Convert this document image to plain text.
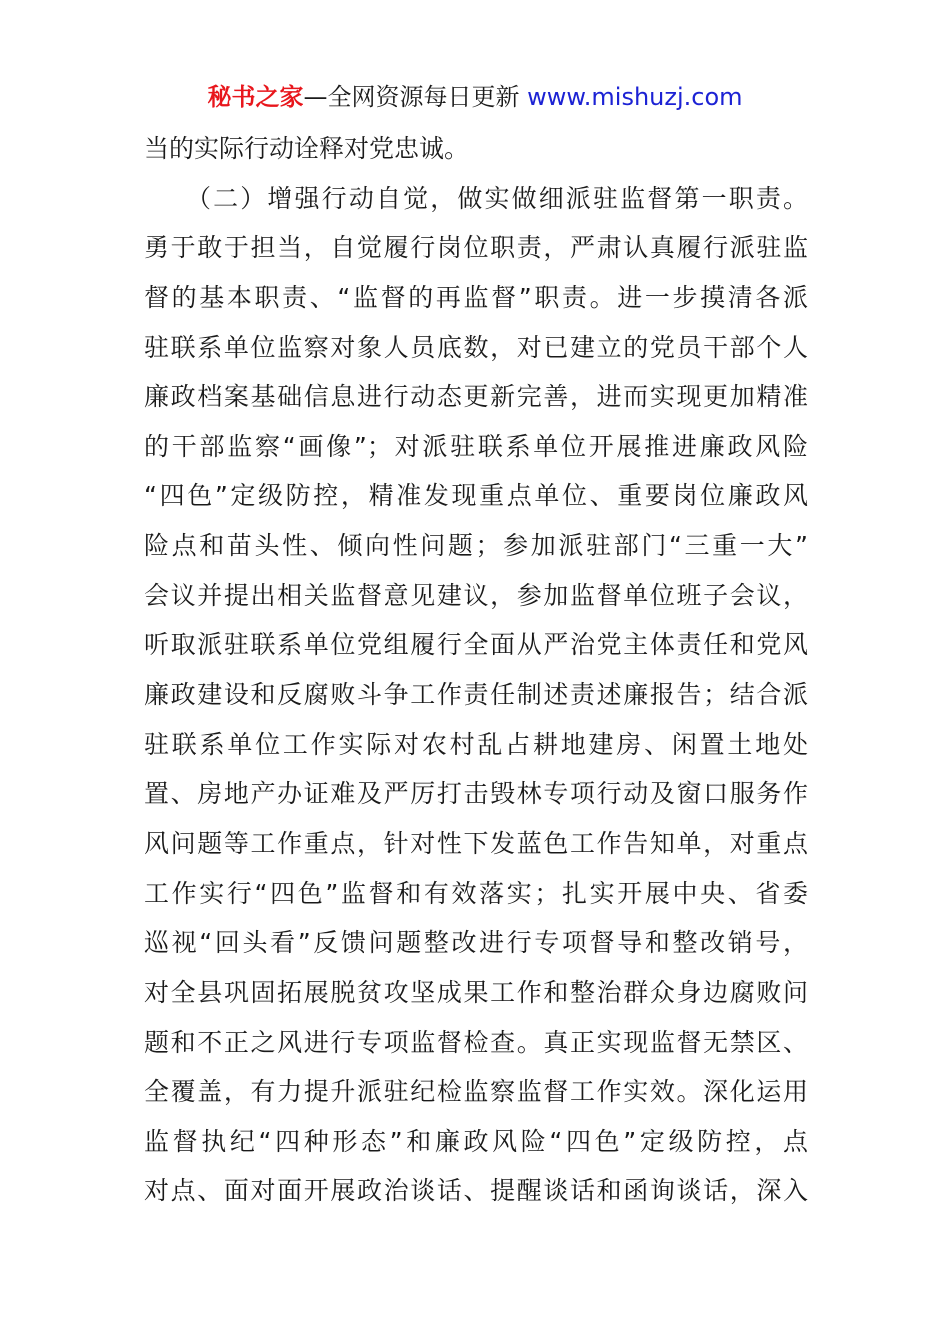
秘书之家—全网资源每日更新 www.mishuzj.com
当的实际行动诠释对党忠诚。
（二）增强行动自觉，做实做细派驻监督第一职责。
勇于敢于担当，自觉履行岗位职责，严肃认真履行派驻监
督的基本职责、“监督的再监督”职责。进一步摸清各派
驻联系单位监察对象人员底数，对已建立的党员干部个人
廉政档案基础信息进行动态更新完善，进而实现更加精准
的干部监察“画像”；对派驻联系单位开展推进廉政风险
“四色”定级防控，精准发现重点单位、重要岗位廉政风
险点和苗头性、倾向性问题；参加派驻部门“三重一大”
会议并提出相关监督意见建议，参加监督单位班子会议，
听取派驻联系单位党组履行全面从严治党主体责任和党风
廉政建设和反腐败斗争工作责任制述责述廉报告；结合派
驻联系单位工作实际对农村乱占耕地建房、闲置土地处
置、房地产办证难及严厉打击毁林专项行动及窗口服务作
风问题等工作重点，针对性下发蓝色工作告知单，对重点
工作实行“四色”监督和有效落实；扎实开展中央、省委
巡视“回头看”反馈问题整改进行专项督导和整改销号，
对全县巩固拓展脱贫攻坚成果工作和整治群众身边腐败问
题和不正之风进行专项监督检查。真正实现监督无禁区、
全覆盖，有力提升派驻纪检监察监督工作实效。深化运用
监督执纪“四种形态”和廉政风险“四色”定级防控，点
对点、面对面开展政治谈话、提醒谈话和函询谈话，深入
